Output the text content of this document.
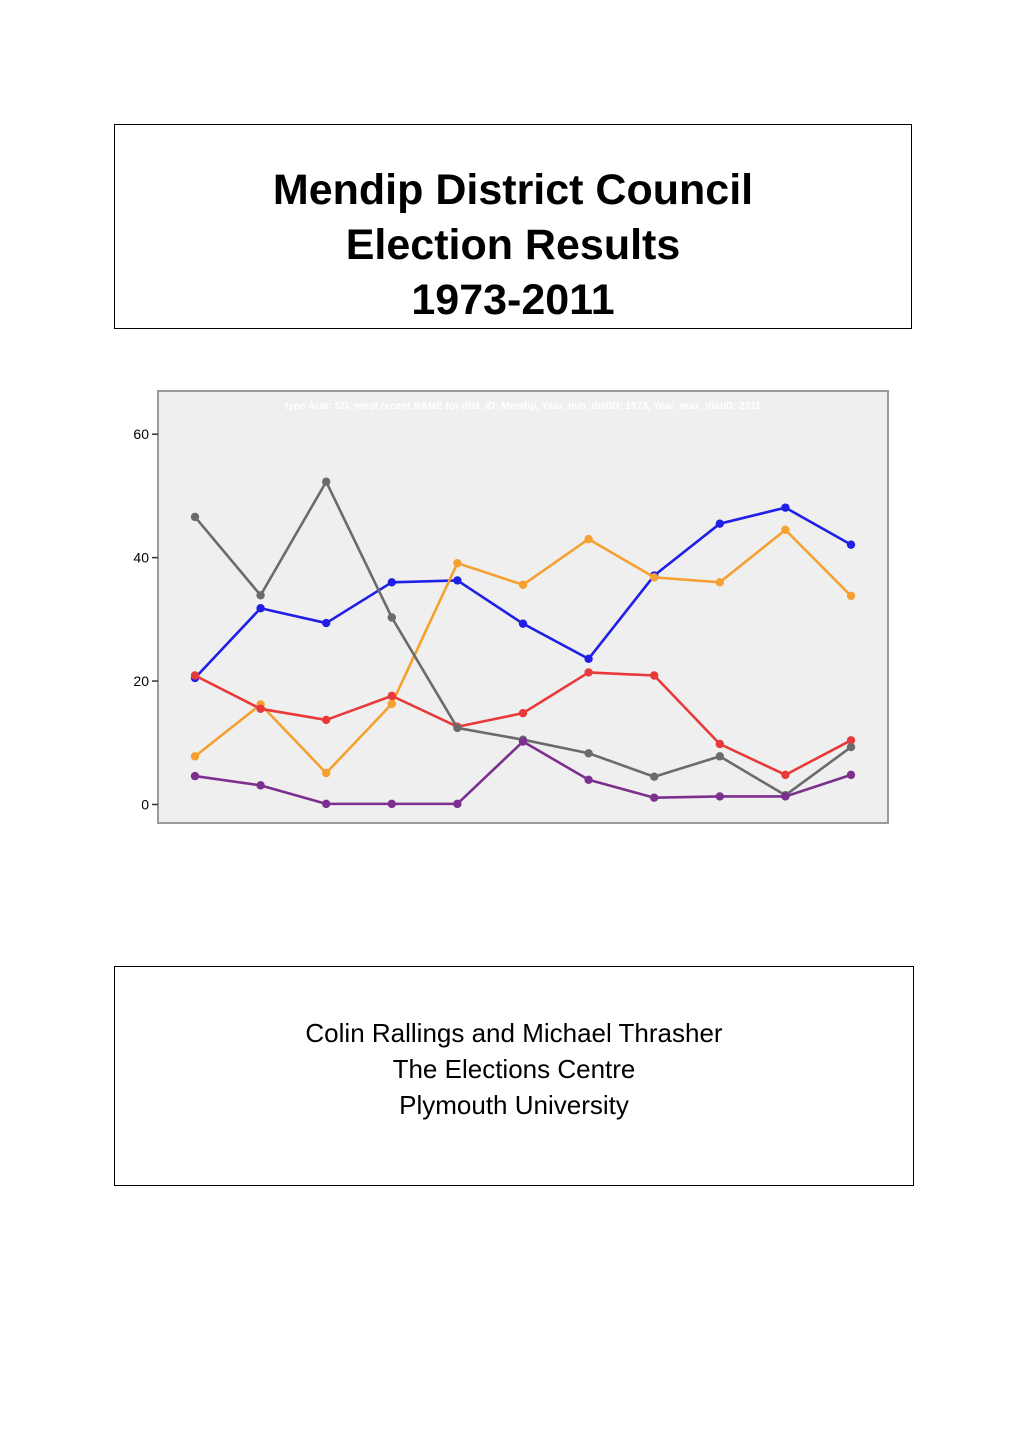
Mendip District Council
Election Results
1973-2011
type 4cat: SD, most recent NAME for dist_ID: Mendip, Year_min_distID: 1973, Year_max_distID: 2011
0
20
40
60
Colin Rallings and Michael Thrasher
The Elections Centre
Plymouth University
